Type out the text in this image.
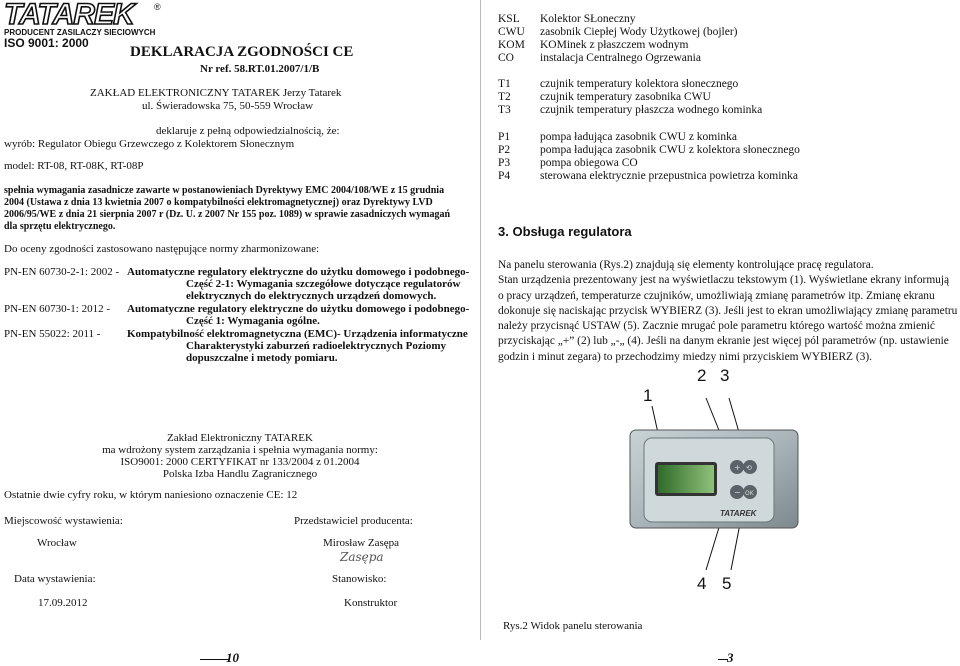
TATAREK	®
PRODUCENT ZASILACZY SIECIOWYCH
ISO 9001: 2000
DEKLARACJA ZGODNOŚCI CE
Nr ref. 58.RT.01.2007/1/B
ZAKŁAD ELEKTRONICZNY TATAREK Jerzy Tatarek
ul. Świeradowska 75, 50-559 Wrocław
deklaruje z pełną odpowiedzialnością, że:
wyrób: Regulator Obiegu Grzewczego z Kolektorem Słonecznym
model: RT-08, RT-08K, RT-08P
spełnia wymagania zasadnicze zawarte w postanowieniach Dyrektywy EMC 2004/108/WE z 15 grudnia
2004 (Ustawa z dnia 13 kwietnia 2007 o kompatybilności elektromagnetycznej) oraz Dyrektywy LVD
2006/95/WE z dnia 21 sierpnia 2007 r (Dz. U. z 2007 Nr 155 poz. 1089) w sprawie zasadniczych wymagań
dla sprzętu elektrycznego.
Do oceny zgodności zastosowano następujące normy zharmonizowane:
PN-EN 60730-2-1: 2002 - Automatyczne regulatory elektryczne do użytku domowego i podobnego-
Część 2-1: Wymagania szczegółowe dotyczące regulatorów
elektrycznych do elektrycznych urządzeń domowych.
PN-EN 60730-1: 2012 - Automatyczne regulatory elektryczne do użytku domowego i podobnego-
Część 1: Wymagania ogólne.
PN-EN 55022: 2011 - Kompatybilność elektromagnetyczna (EMC)- Urządzenia informatyczne
Charakterystyki zaburzeń radioelektrycznych Poziomy
dopuszczalne i metody pomiaru.
Zakład Elektroniczny TATAREK
ma wdrożony system zarządzania i spełnia wymagania normy:
ISO9001: 2000 CERTYFIKAT nr 133/2004 z 01.2004
Polska Izba Handlu Zagranicznego
Ostatnie dwie cyfry roku, w którym naniesiono oznaczenie CE: 12
Miejscowość wystawienia:	Przedstawiciel producenta:
Wrocław	Mirosław Zasępa
Zasępa
Data wystawienia:	Stanowisko:
17.09.2012	Konstruktor
KSL Kolektor SŁoneczny
CWU zasobnik Ciepłej Wody Użytkowej (bojler)
KOM KOMinek z płaszczem wodnym
CO instalacja Centralnego Ogrzewania
T1	czujnik temperatury kolektora słonecznego
T2	czujnik temperatury zasobnika CWU
T3	czujnik temperatury płaszcza wodnego kominka
P1	pompa ładująca zasobnik CWU z kominka
P2	pompa ładująca zasobnik CWU z kolektora słonecznego
P3	pompa obiegowa CO
P4	sterowana elektrycznie przepustnica powietrza kominka
3. Obsługa regulatora
Na panelu sterowania (Rys.2) znajdują się elementy kontrolujące pracę regulatora.
Stan urządzenia prezentowany jest na wyświetlaczu tekstowym (1). Wyświetlane ekrany informują
o pracy urządzeń, temperaturze czujników, umożliwiają zmianę parametrów itp. Zmianę ekranu
dokonuje się naciskając przycisk WYBIERZ (3). Jeśli jest to ekran umożliwiający zmianę parametru
należy przycisnąć USTAW (5). Zacznie mrugać pole parametru którego wartość można zmienić
przyciskając „+” (2) lub „-„ (4). Jeśli na danym ekranie jest więcej pól parametrów (np. ustawienie
godzin i minut zegara) to przechodzimy miedzy nimi przyciskiem WYBIERZ (3).
1
2 3
4 5
+ ⟲
− OK
TATAREK
Rys.2 Widok panelu sterowania
10	3
